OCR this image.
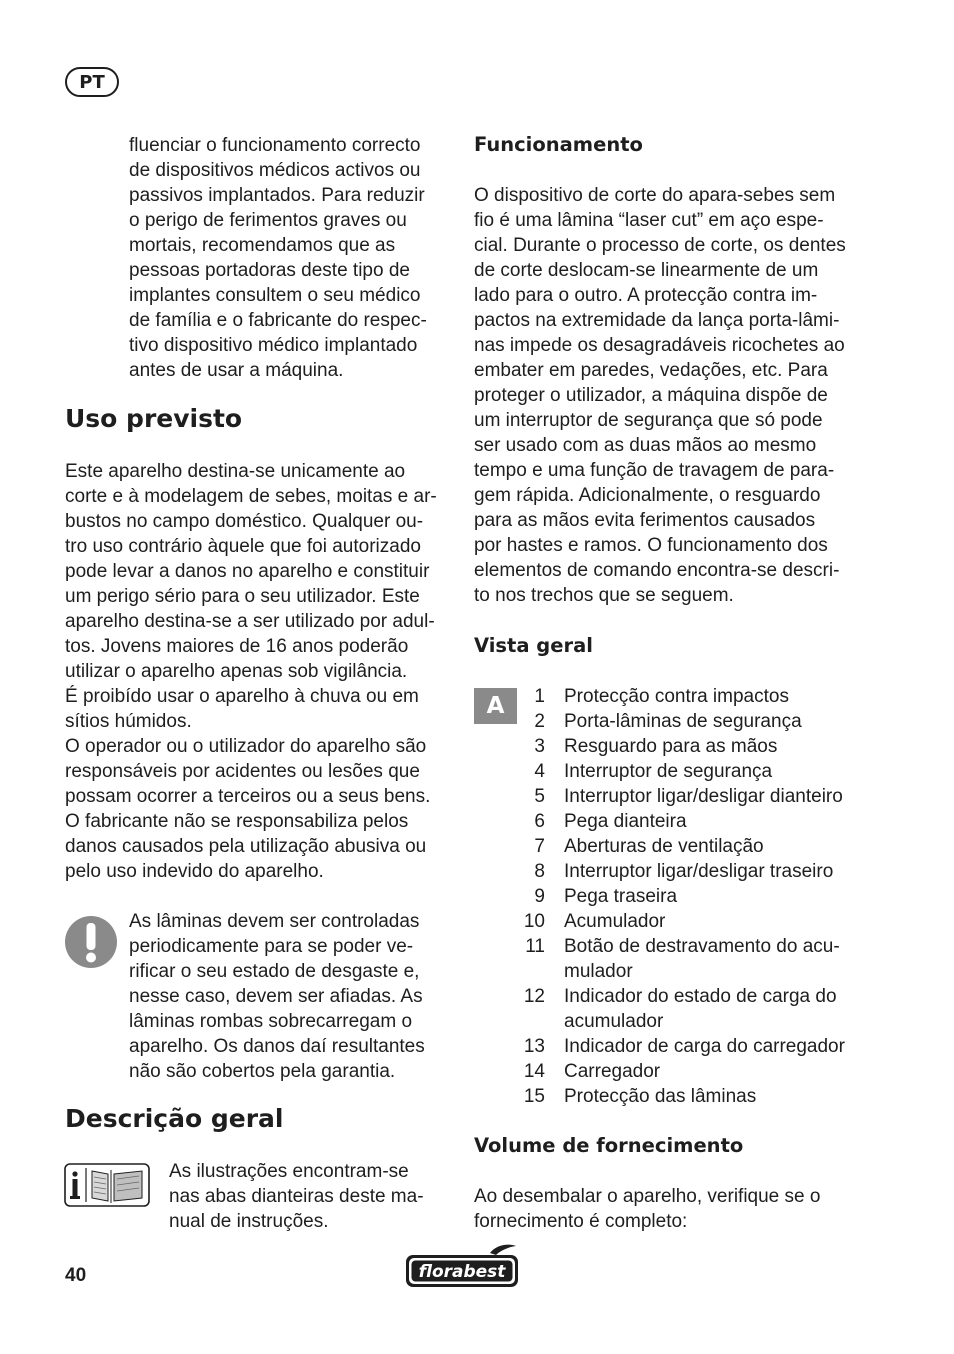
PT
fluenciar o funcionamento correcto
de dispositivos médicos activos ou
passivos implantados. Para reduzir
o perigo de ferimentos graves ou
mortais, recomendamos que as
pessoas portadoras deste tipo de
implantes consultem o seu médico
de família e o fabricante do respec-
tivo dispositivo médico implantado
antes de usar a máquina.
Uso previsto
Este aparelho destina-se unicamente ao
corte e à modelagem de sebes, moitas e ar-
bustos no campo doméstico. Qualquer ou-
tro uso contrário àquele que foi autorizado
pode levar a danos no aparelho e constituir
um perigo sério para o seu utilizador. Este
aparelho destina-se a ser utilizado por adul-
tos. Jovens maiores de 16 anos poderão
utilizar o aparelho apenas sob vigilância.
É proibído usar o aparelho à chuva ou em
sítios húmidos.
O operador ou o utilizador do aparelho são
responsáveis por acidentes ou lesões que
possam ocorrer a terceiros ou a seus bens.
O fabricante não se responsabiliza pelos
danos causados pela utilização abusiva ou
pelo uso indevido do aparelho.
As lâminas devem ser controladas
periodicamente para se poder ve-
rificar o seu estado de desgaste e,
nesse caso, devem ser afiadas. As
lâminas rombas sobrecarregam o
aparelho. Os danos daí resultantes
não são cobertos pela garantia.
Descrição geral
As ilustrações encontram-se
nas abas dianteiras deste ma-
nual de instruções.
Funcionamento
O dispositivo de corte do apara-sebes sem
fio é uma lâmina “laser cut” em aço espe-
cial. Durante o processo de corte, os dentes
de corte deslocam-se linearmente de um
lado para o outro. A protecção contra im-
pactos na extremidade da lança porta-lâmi-
nas impede os desagradáveis ricochetes ao
embater em paredes, vedações, etc. Para
proteger o utilizador, a máquina dispõe de
um interruptor de segurança que só pode
ser usado com as duas mãos ao mesmo
tempo e uma função de travagem de para-
gem rápida. Adicionalmente, o resguardo
para as mãos evita ferimentos causados
por hastes e ramos. O funcionamento dos
elementos de comando encontra-se descri-
to nos trechos que se seguem.
Vista geral
A	1 Protecção contra impactos
2 Porta-lâminas de segurança
3 Resguardo para as mãos
4 Interruptor de segurança
5 Interruptor ligar/desligar dianteiro
6 Pega dianteira
7 Aberturas de ventilação
8 Interruptor ligar/desligar traseiro
9 Pega traseira
10 Acumulador
11 Botão de destravamento do acu-
mulador
12 Indicador do estado de carga do
acumulador
13 Indicador de carga do carregador
14 Carregador
15 Protecção das lâminas
Volume de fornecimento
Ao desembalar o aparelho, verifique se o
fornecimento é completo:
40	florabest
